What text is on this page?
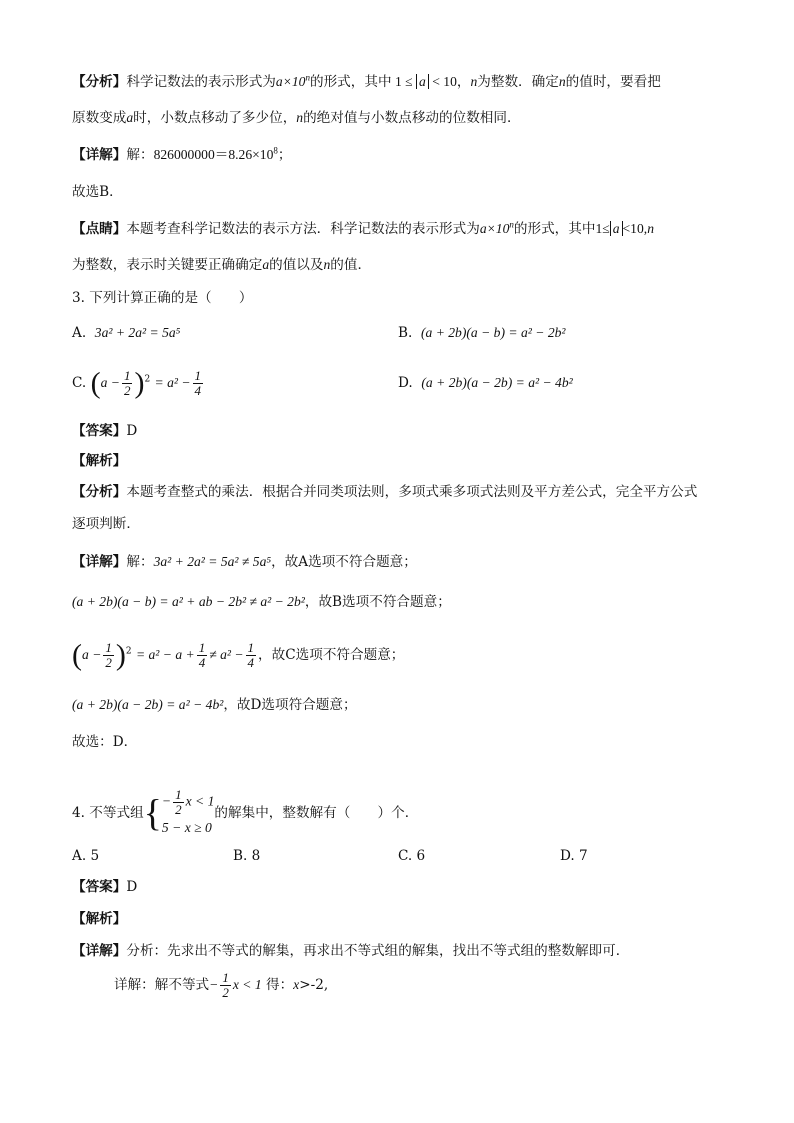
【分析】科学记数法的表示形式为$a\times 10^n$的形式，其中 1 ≤ a < 10，n为整数．确定n的值时，要看把
原数变成a时，小数点移动了多少位，n的绝对值与小数点移动的位数相同．
【详解】解：$826000000=8.26\times 10^8$；
故选B．
【点睛】本题考查科学记数法的表示方法．科学记数法的表示形式为$a\times 10^n$的形式，其中1≤ a <10,n
为整数，表示时关键要正确确定a的值以及n的值．
3. 下列计算正确的是（　　）
A. 3a² + 2a² = 5a⁵	B. (a + 2b)(a − b) = a² − 2b²
C. $(a - \frac{1}{2} )^2 = a^2 - \frac{1}{4}$	D. (a + 2b)(a − 2b) = a² − 4b²
【答案】D
【解析】
【分析】本题考查整式的乘法．根据合并同类项法则，多项式乘多项式法则及平方差公式，完全平方公式
逐项判断．
【详解】解：3a² + 2a² = 5a² ≠ 5a⁵，故A选项不符合题意；
(a + 2b)(a − b) = a² + ab − 2b² ≠ a² − 2b²，故B选项不符合题意；
$(a - \frac{1}{2} )^2 = a^2 - a + \frac{1}{4} \ne a^2 - \frac{1}{4}$ ，故C选项不符合题意；
(a + 2b)(a − 2b) = a² − 4b²，故D选项符合题意；
故选：D．
4. 不等式组{ − $\frac{1}{2}$ x < 1
5 − x ≥ 0
的解集中，整数解有（　　）个．
A. 5	B. 8	C. 6	D. 7
【答案】D
【解析】
【详解】分析：先求出不等式的解集，再求出不等式组的解集，找出不等式组的整数解即可．
详解：解不等式− $\frac{1}{2}$ x < 1 得：x>-2,
